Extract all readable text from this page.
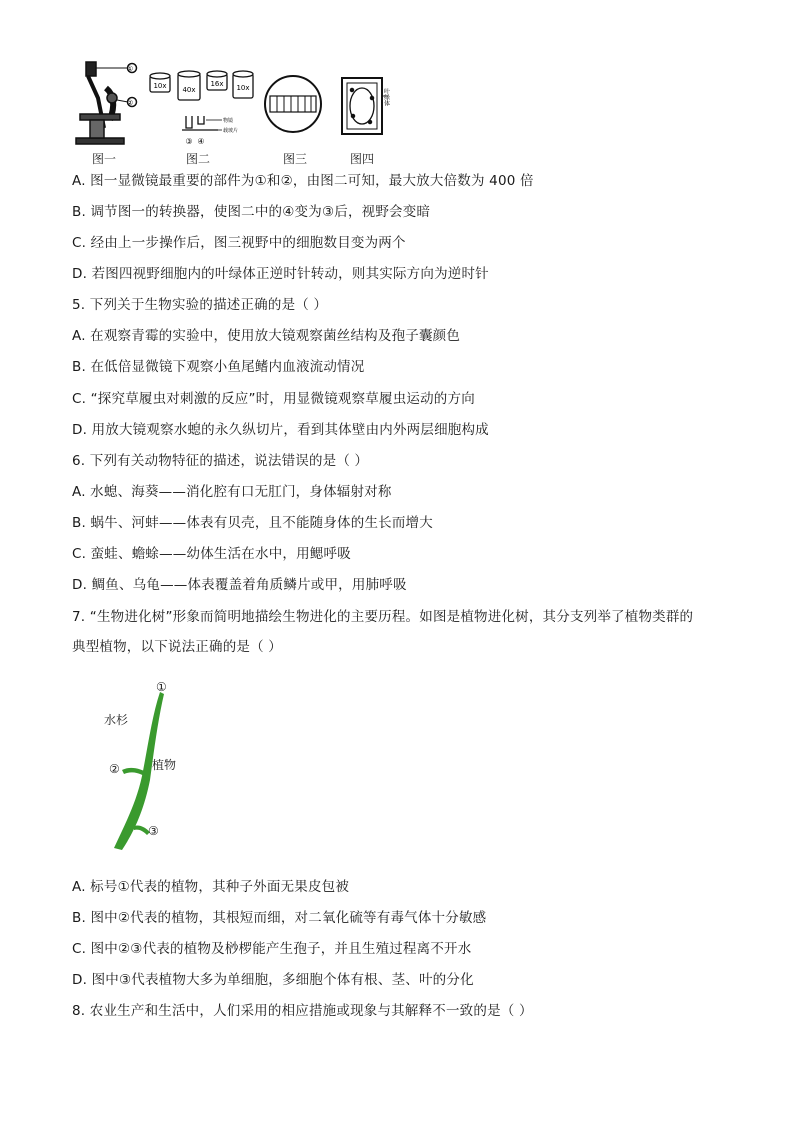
①
②
10x 40x
16x 10x
物镜
载玻片
③ ④
叶绿体
图一	图二	图三	图四
A. 图一显微镜最重要的部件为①和②，由图二可知，最大放大倍数为 400 倍
B. 调节图一的转换器，使图二中的④变为③后，视野会变暗
C. 经由上一步操作后，图三视野中的细胞数目变为两个
D. 若图四视野细胞内的叶绿体正逆时针转动，则其实际方向为逆时针
5. 下列关于生物实验的描述正确的是（ ）
A. 在观察青霉的实验中，使用放大镜观察菌丝结构及孢子囊颜色
B. 在低倍显微镜下观察小鱼尾鳍内血液流动情况
C. “探究草履虫对刺激的反应”时，用显微镜观察草履虫运动的方向
D. 用放大镜观察水螅的永久纵切片，看到其体壁由内外两层细胞构成
6. 下列有关动物特征的描述，说法错误的是（ ）
A. 水螅、海葵——消化腔有口无肛门，身体辐射对称
B. 蜗牛、河蚌——体表有贝壳，且不能随身体的生长而增大
C. 蛮蛙、蟾蜍——幼体生活在水中，用鳃呼吸
D. 鲷鱼、乌龟——体表覆盖着角质鳞片或甲，用肺呼吸
7. “生物进化树”形象而简明地描绘生物进化的主要历程。如图是植物进化树，其分支列举了植物类群的
典型植物，以下说法正确的是（ ）
①
水杉
②	植物
③
A. 标号①代表的植物，其种子外面无果皮包被
B. 图中②代表的植物，其根短而细，对二氧化硫等有毒气体十分敏感
C. 图中②③代表的植物及桫椤能产生孢子，并且生殖过程离不开水
D. 图中③代表植物大多为单细胞，多细胞个体有根、茎、叶的分化
8. 农业生产和生活中，人们采用的相应措施或现象与其解释不一致的是（ ）
